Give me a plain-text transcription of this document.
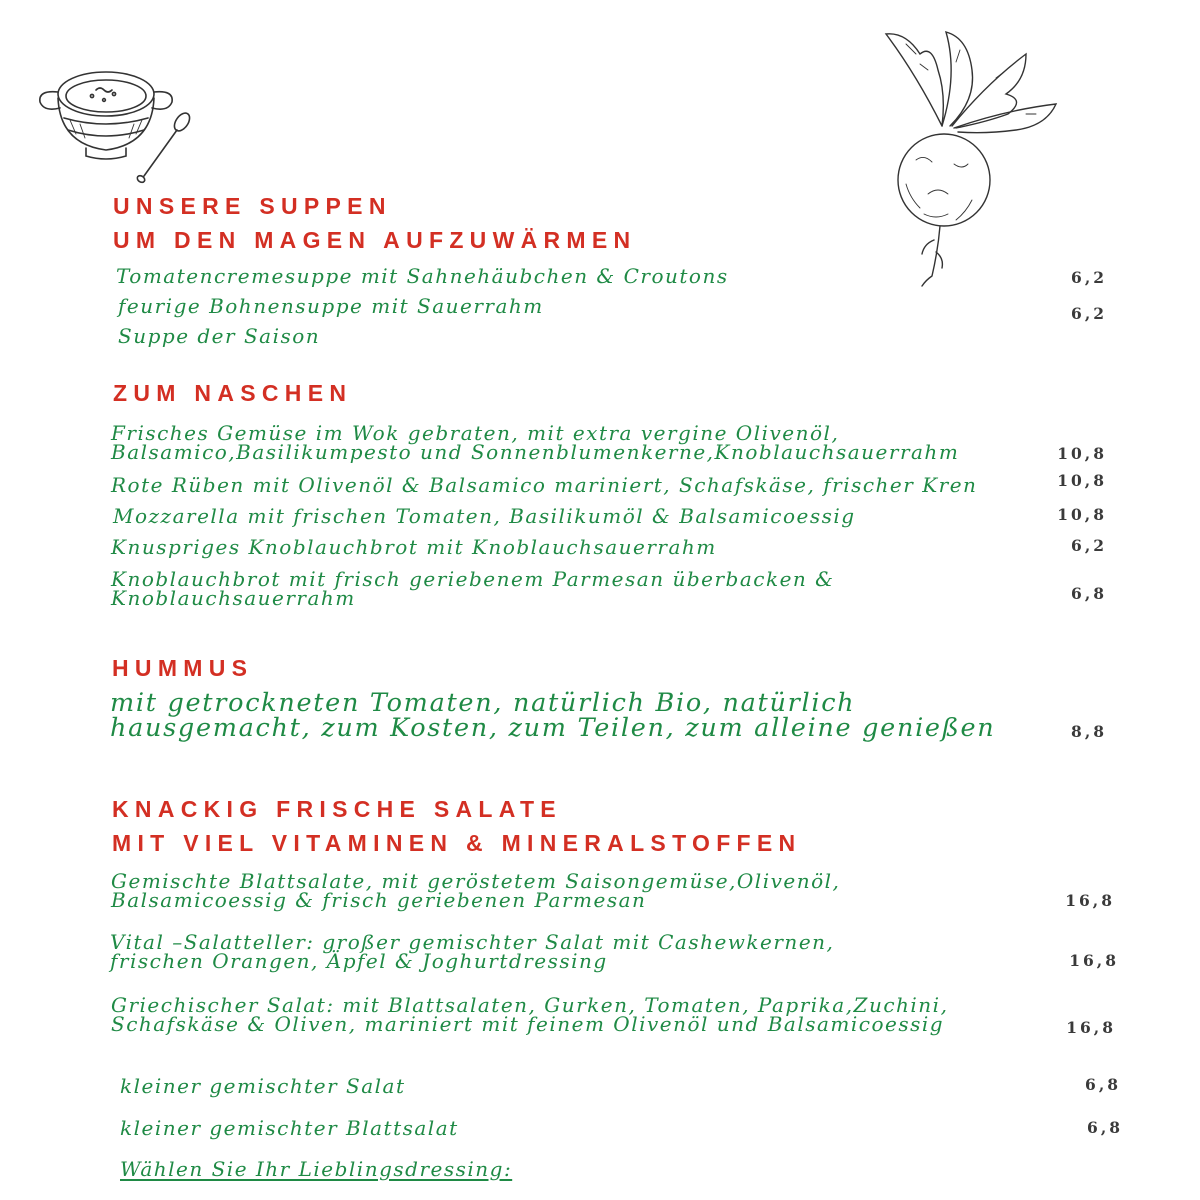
UNSERE SUPPEN
UM DEN MAGEN AUFZUWÄRMEN
Tomatencremesuppe mit Sahnehäubchen & Croutons	6,2
feurige Bohnensuppe mit Sauerrahm	6,2
Suppe der Saison
ZUM NASCHEN
Frisches Gemüse im Wok gebraten, mit extra vergine Olivenöl,
Balsamico,Basilikumpesto und Sonnenblumenkerne,Knoblauchsauerrahm	10,8
Rote Rüben mit Olivenöl & Balsamico mariniert, Schafskäse, frischer Kren	10,8
Mozzarella mit frischen Tomaten, Basilikumöl & Balsamicoessig	10,8
Knuspriges Knoblauchbrot mit Knoblauchsauerrahm	6,2
Knoblauchbrot mit frisch geriebenem Parmesan überbacken &
Knoblauchsauerrahm	6,8
HUMMUS
mit getrockneten Tomaten, natürlich Bio, natürlich
hausgemacht, zum Kosten, zum Teilen, zum alleine genießen	8,8
KNACKIG FRISCHE SALATE
MIT VIEL VITAMINEN & MINERALSTOFFEN
Gemischte Blattsalate, mit geröstetem Saisongemüse,Olivenöl,
Balsamicoessig & frisch geriebenen Parmesan	16,8
Vital –Salatteller: großer gemischter Salat mit Cashewkernen,
frischen Orangen, Äpfel & Joghurtdressing	16,8
Griechischer Salat: mit Blattsalaten, Gurken, Tomaten, Paprika,Zuchini,
Schafskäse & Oliven, mariniert mit feinem Olivenöl und Balsamicoessig	16,8
kleiner gemischter Salat	6,8
kleiner gemischter Blattsalat	6,8
Wählen Sie Ihr Lieblingsdressing:
